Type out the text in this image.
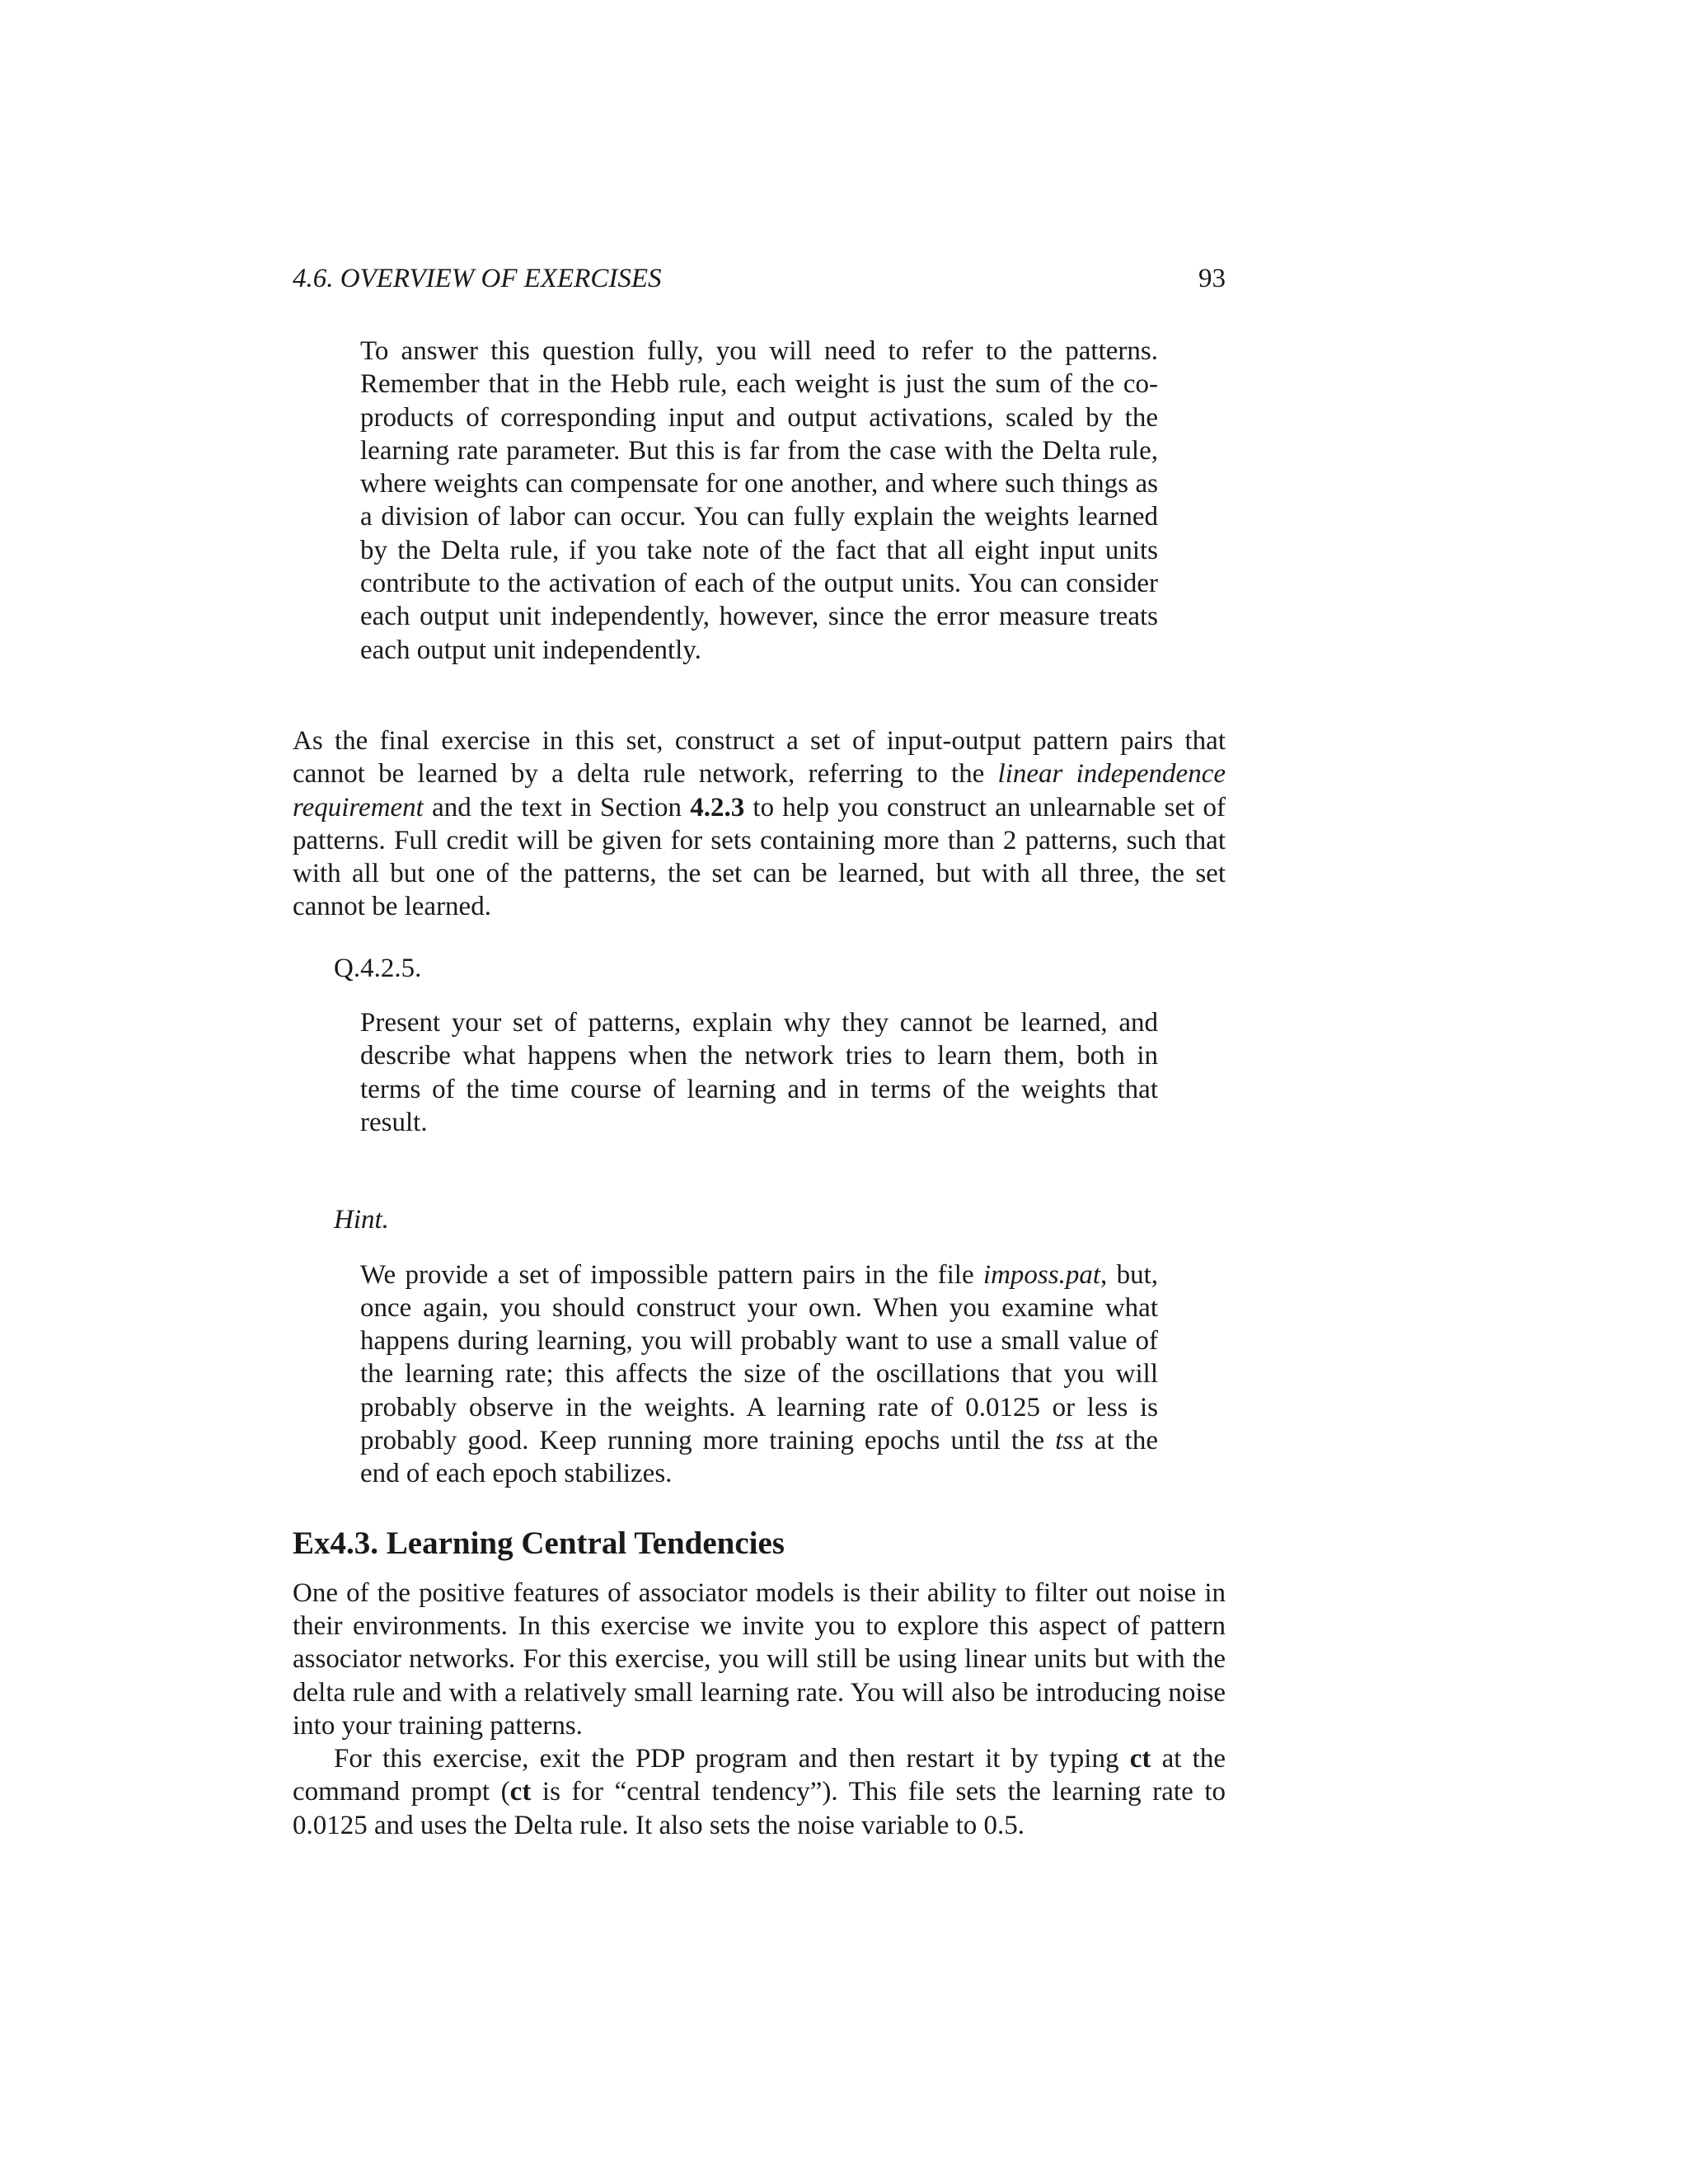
4.6. OVERVIEW OF EXERCISES	93

To answer this question fully, you will need to refer to the patterns. Remember that in the Hebb rule, each weight is just the sum of the co-products of corresponding input and output activations, scaled by the learning rate parameter. But this is far from the case with the Delta rule, where weights can compensate for one another, and where such things as a division of labor can occur. You can fully explain the weights learned by the Delta rule, if you take note of the fact that all eight input units contribute to the activation of each of the output units. You can consider each output unit independently, however, since the error measure treats each output unit independently.

As the final exercise in this set, construct a set of input-output pattern pairs that cannot be learned by a delta rule network, referring to the linear independence requirement and the text in Section 4.2.3 to help you construct an unlearnable set of patterns. Full credit will be given for sets containing more than 2 patterns, such that with all but one of the patterns, the set can be learned, but with all three, the set cannot be learned.

Q.4.2.5.

Present your set of patterns, explain why they cannot be learned, and describe what happens when the network tries to learn them, both in terms of the time course of learning and in terms of the weights that result.

Hint.

We provide a set of impossible pattern pairs in the file imposs.pat, but, once again, you should construct your own. When you examine what happens during learning, you will probably want to use a small value of the learning rate; this affects the size of the oscillations that you will probably observe in the weights. A learning rate of 0.0125 or less is probably good. Keep running more training epochs until the tss at the end of each epoch stabilizes.

Ex4.3. Learning Central Tendencies

One of the positive features of associator models is their ability to filter out noise in their environments. In this exercise we invite you to explore this aspect of pattern associator networks. For this exercise, you will still be using linear units but with the delta rule and with a relatively small learning rate. You will also be introducing noise into your training patterns.

For this exercise, exit the PDP program and then restart it by typing ct at the command prompt (ct is for “central tendency”). This file sets the learning rate to 0.0125 and uses the Delta rule. It also sets the noise variable to 0.5.
